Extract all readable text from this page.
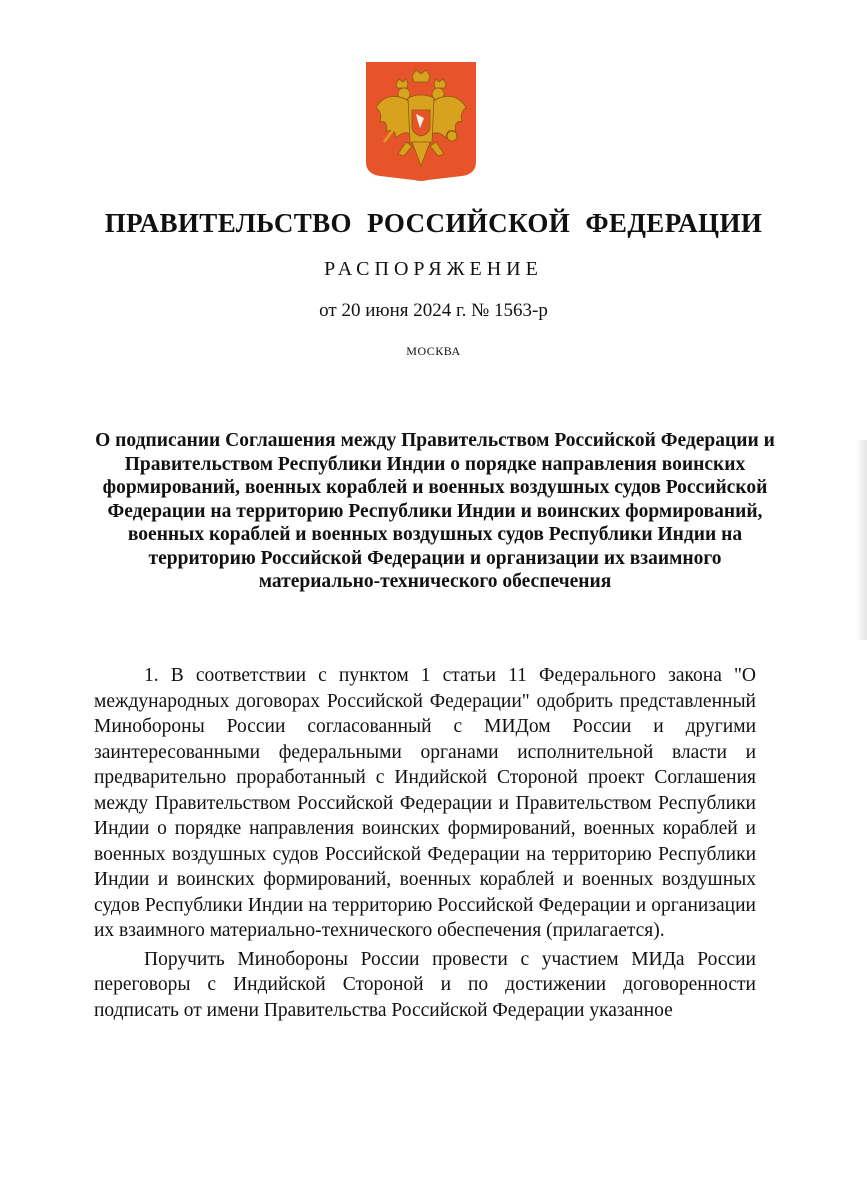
ПРАВИТЕЛЬСТВО РОССИЙСКОЙ ФЕДЕРАЦИИ
РАСПОРЯЖЕНИЕ
от 20 июня 2024 г. № 1563-р
МОСКВА
О подписании Соглашения между Правительством Российской Федерации и Правительством Республики Индии о порядке направления воинских формирований, военных кораблей и военных воздушных судов Российской Федерации на территорию Республики Индии и воинских формирований, военных кораблей и военных воздушных судов Республики Индии на территорию Российской Федерации и организации их взаимного материально-технического обеспечения

1. В соответствии с пунктом 1 статьи 11 Федерального закона "О международных договорах Российской Федерации" одобрить представленный Минобороны России согласованный с МИДом России и другими заинтересованными федеральными органами исполнительной власти и предварительно проработанный с Индийской Стороной проект Соглашения между Правительством Российской Федерации и Правительством Республики Индии о порядке направления воинских формирований, военных кораблей и военных воздушных судов Российской Федерации на территорию Республики Индии и воинских формирований, военных кораблей и военных воздушных судов Республики Индии на территорию Российской Федерации и организации их взаимного материально-технического обеспечения (прилагается).

Поручить Минобороны России провести с участием МИДа России переговоры с Индийской Стороной и по достижении договоренности подписать от имени Правительства Российской Федерации указанное
